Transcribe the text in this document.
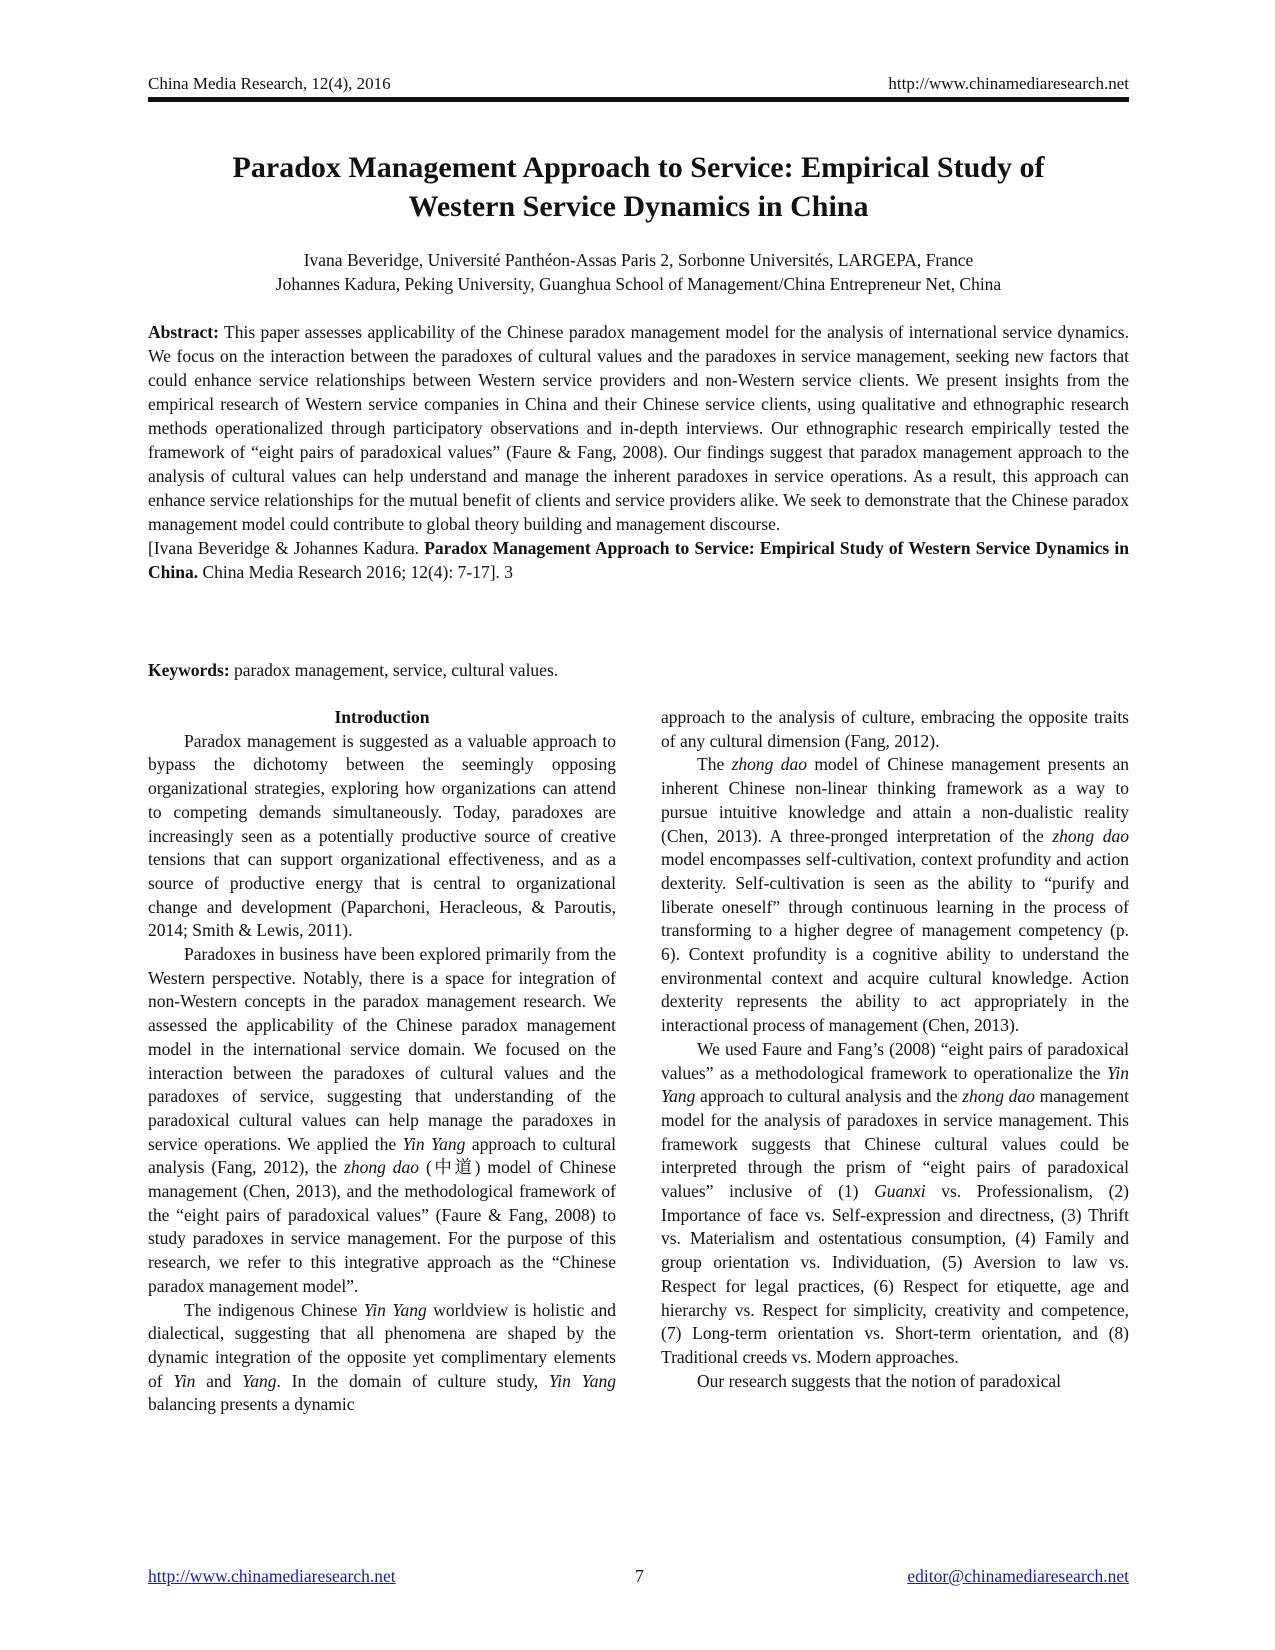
China Media Research, 12(4), 2016	http://www.chinamediaresearch.net
Paradox Management Approach to Service: Empirical Study of
Western Service Dynamics in China
Ivana Beveridge, Université Panthéon-Assas Paris 2, Sorbonne Universités, LARGEPA, France
Johannes Kadura, Peking University, Guanghua School of Management/China Entrepreneur Net, China

Abstract: This paper assesses applicability of the Chinese paradox management model for the analysis of international service dynamics. We focus on the interaction between the paradoxes of cultural values and the paradoxes in service management, seeking new factors that could enhance service relationships between Western service providers and non-Western service clients. We present insights from the empirical research of Western service companies in China and their Chinese service clients, using qualitative and ethnographic research methods operationalized through participatory observations and in-depth interviews. Our ethnographic research empirically tested the framework of “eight pairs of paradoxical values” (Faure & Fang, 2008). Our findings suggest that paradox management approach to the analysis of cultural values can help understand and manage the inherent paradoxes in service operations. As a result, this approach can enhance service relationships for the mutual benefit of clients and service providers alike. We seek to demonstrate that the Chinese paradox management model could contribute to global theory building and management discourse.

[Ivana Beveridge & Johannes Kadura. Paradox Management Approach to Service: Empirical Study of Western Service Dynamics in China. China Media Research 2016; 12(4): 7-17]. 3

Keywords: paradox management, service, cultural values.
Introduction

Paradox management is suggested as a valuable approach to bypass the dichotomy between the seemingly opposing organizational strategies, exploring how organizations can attend to competing demands simultaneously. Today, paradoxes are increasingly seen as a potentially productive source of creative tensions that can support organizational effectiveness, and as a source of productive energy that is central to organizational change and development (Paparchoni, Heracleous, & Paroutis, 2014; Smith & Lewis, 2011).

Paradoxes in business have been explored primarily from the Western perspective. Notably, there is a space for integration of non-Western concepts in the paradox management research. We assessed the applicability of the Chinese paradox management model in the international service domain. We focused on the interaction between the paradoxes of cultural values and the paradoxes of service, suggesting that understanding of the paradoxical cultural values can help manage the paradoxes in service operations. We applied the Yin Yang approach to cultural analysis (Fang, 2012), the zhong dao (中道) model of Chinese management (Chen, 2013), and the methodological framework of the “eight pairs of paradoxical values” (Faure & Fang, 2008) to study paradoxes in service management. For the purpose of this research, we refer to this integrative approach as the “Chinese paradox management model”.

The indigenous Chinese Yin Yang worldview is holistic and dialectical, suggesting that all phenomena are shaped by the dynamic integration of the opposite yet complimentary elements of Yin and Yang. In the domain of culture study, Yin Yang balancing presents a dynamic

approach to the analysis of culture, embracing the opposite traits of any cultural dimension (Fang, 2012).

The zhong dao model of Chinese management presents an inherent Chinese non-linear thinking framework as a way to pursue intuitive knowledge and attain a non-dualistic reality (Chen, 2013). A three-pronged interpretation of the zhong dao model encompasses self-cultivation, context profundity and action dexterity. Self-cultivation is seen as the ability to “purify and liberate oneself” through continuous learning in the process of transforming to a higher degree of management competency (p. 6). Context profundity is a cognitive ability to understand the environmental context and acquire cultural knowledge. Action dexterity represents the ability to act appropriately in the interactional process of management (Chen, 2013).

We used Faure and Fang’s (2008) “eight pairs of paradoxical values” as a methodological framework to operationalize the Yin Yang approach to cultural analysis and the zhong dao management model for the analysis of paradoxes in service management. This framework suggests that Chinese cultural values could be interpreted through the prism of “eight pairs of paradoxical values” inclusive of (1) Guanxi vs. Professionalism, (2) Importance of face vs. Self-expression and directness, (3) Thrift vs. Materialism and ostentatious consumption, (4) Family and group orientation vs. Individuation, (5) Aversion to law vs. Respect for legal practices, (6) Respect for etiquette, age and hierarchy vs. Respect for simplicity, creativity and competence, (7) Long-term orientation vs. Short-term orientation, and (8) Traditional creeds vs. Modern approaches.

Our research suggests that the notion of paradoxical

http://www.chinamediaresearch.net	7	editor@chinamediaresearch.net
